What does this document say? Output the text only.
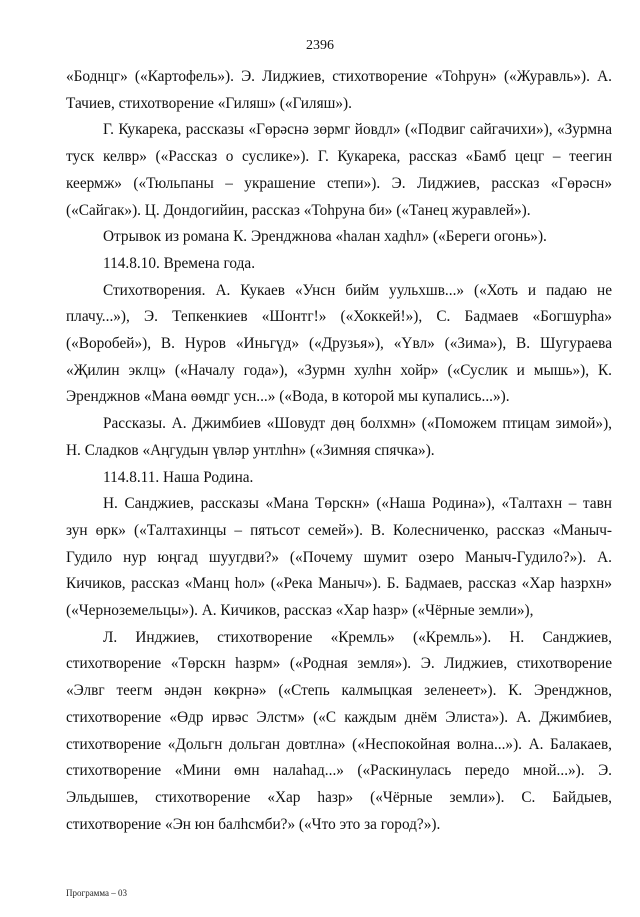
2396

«Боднцг» («Картофель»). Э. Лиджиев, стихотворение «Тоhрун» («Журавль»). А. Тачиев, стихотворение «Гиляш» («Гиляш»).

Г. Кукарека, рассказы «Гөрәснә зөрмг йовдл» («Подвиг сайгачихи»), «Зурмна туск келвр» («Рассказ о суслике»). Г. Кукарека, рассказ «Бамб цецг – теегин кеермж» («Тюльпаны – украшение степи»). Э. Лиджиев, рассказ «Гөрәсн» («Сайгак»). Ц. Дондогийин, рассказ «Тоhруна би» («Танец журавлей»).

Отрывок из романа К. Эренджнова «hалан хадhл» («Береги огонь»).

114.8.10. Времена года.

Стихотворения. А. Кукаев «Унсн бийм уульхшв...» («Хоть и падаю не плачу...»), Э. Тепкенкиев «Шонтг!» («Хоккей!»), С. Бадмаев «Богшурhа» («Воробей»), В. Нуров «Иньгүд» («Друзья»), «Үвл» («Зима»), В. Шугураева «Җилин эклц» («Началу года»), «Зурмн хулhн хойр» («Суслик и мышь»), К. Эренджнов «Мана өөмдг усн...» («Вода, в которой мы купались...»).

Рассказы. А. Джимбиев «Шовудт дөң болхмн» («Поможем птицам зимой»), Н. Сладков «Аңгудын үвләр унтлhн» («Зимняя спячка»).

114.8.11. Наша Родина.

Н. Санджиев, рассказы «Мана Төрскн» («Наша Родина»), «Талтахн – тавн зун өрк» («Талтахинцы – пятьсот семей»). В. Колесниченко, рассказ «Маныч-Гудило нур юңгад шуугдви?» («Почему шумит озеро Маныч-Гудило?»). А. Кичиков, рассказ «Манц hол» («Река Маныч»). Б. Бадмаев, рассказ «Хар hазрхн» («Черноземельцы»). А. Кичиков, рассказ «Хар hазр» («Чёрные земли»),

Л. Инджиев, стихотворение «Кремль» («Кремль»). Н. Санджиев, стихотворение «Төрскн hазрм» («Родная земля»). Э. Лиджиев, стихотворение «Элвг теегм әндән көкрнә» («Степь калмыцкая зеленеет»). К. Эренджнов, стихотворение «Өдр ирвәс Элстм» («С каждым днём Элиста»). А. Джимбиев, стихотворение «Дольгн дольган довтлна» («Неспокойная волна...»). А. Балакаев, стихотворение «Мини өмн налаhад...» («Раскинулась передо мной...»). Э. Эльдышев, стихотворение «Хар hазр» («Чёрные земли»). С. Байдыев, стихотворение «Эн юн балhсмби?» («Что это за город?»).

Программа – 03
